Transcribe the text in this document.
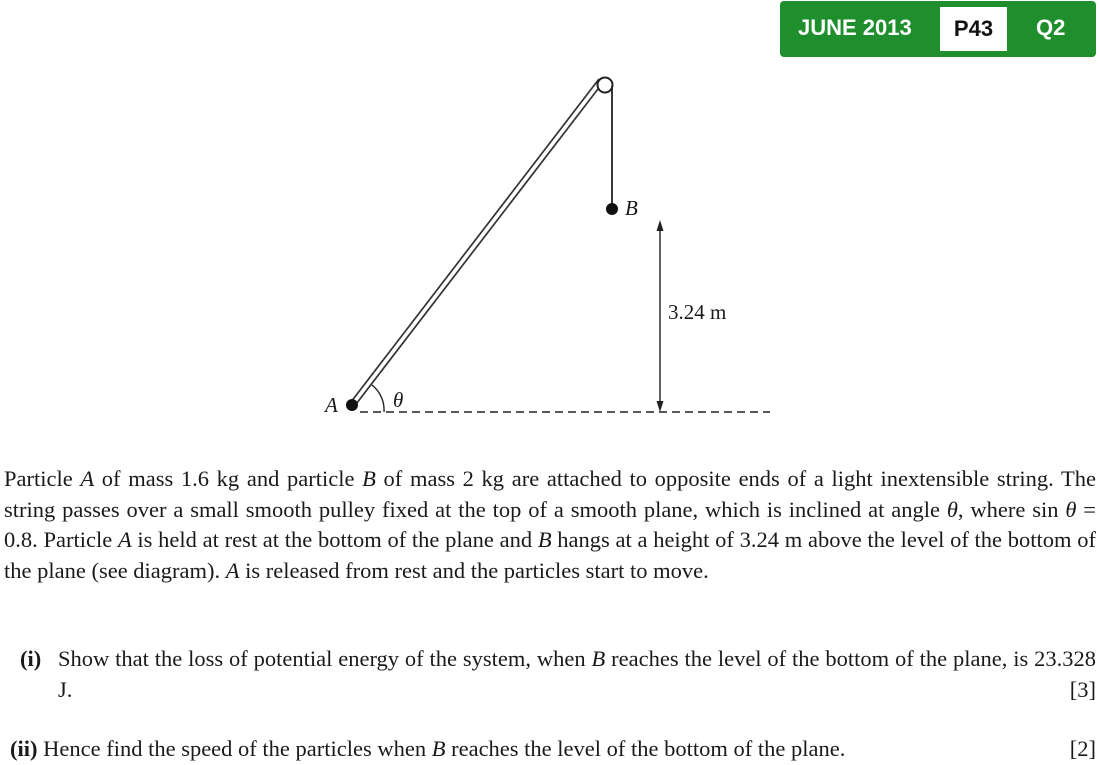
JUNE 2013	P43	Q2
A
B
θ
3.24 m

Particle A of mass 1.6 kg and particle B of mass 2 kg are attached to opposite ends of a light inextensible string. The string passes over a small smooth pulley fixed at the top of a smooth plane, which is inclined at angle θ, where sin θ = 0.8. Particle A is held at rest at the bottom of the plane and B hangs at a height of 3.24 m above the level of the bottom of the plane (see diagram). A is released from rest and the particles start to move.

(i) Show that the loss of potential energy of the system, when B reaches the level of the bottom of the plane, is 23.328 J.	[3]
(ii) Hence find the speed of the particles when B reaches the level of the bottom of the plane.	[2]
